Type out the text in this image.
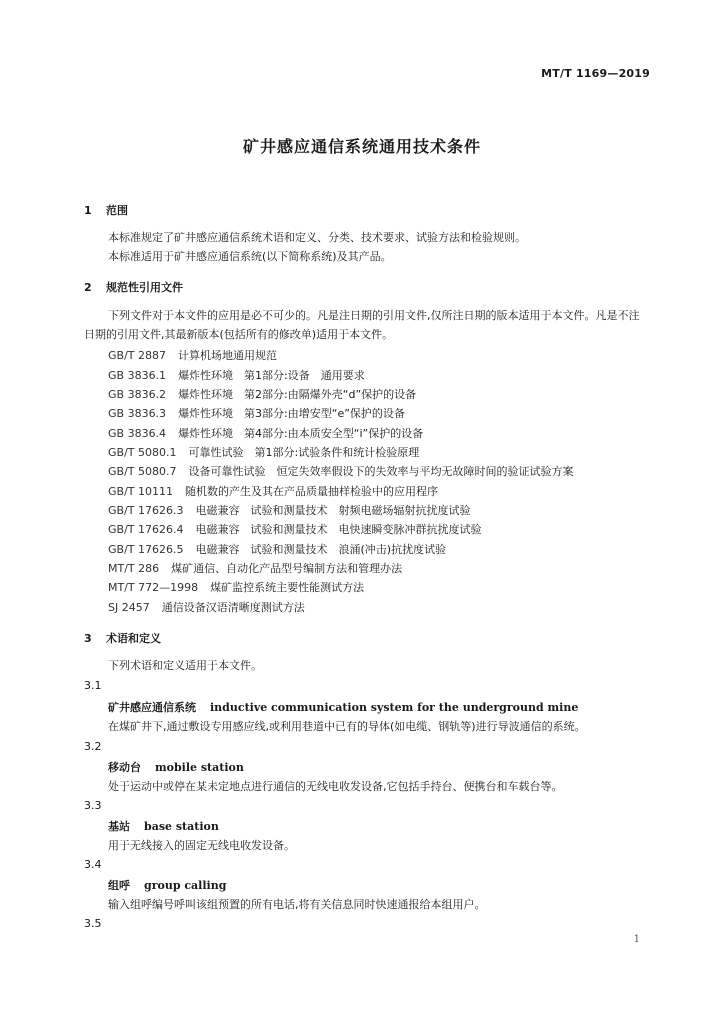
MT/T 1169—2019
矿井感应通信系统通用技术条件
1 范围
本标准规定了矿井感应通信系统术语和定义、分类、技术要求、试验方法和检验规则。
本标准适用于矿井感应通信系统(以下简称系统)及其产品。
2 规范性引用文件
下列文件对于本文件的应用是必不可少的。凡是注日期的引用文件,仅所注日期的版本适用于本文件。凡是不注日期的引用文件,其最新版本(包括所有的修改单)适用于本文件。
GB/T 2887 计算机场地通用规范
GB 3836.1 爆炸性环境　第1部分:设备　通用要求
GB 3836.2 爆炸性环境　第2部分:由隔爆外壳“d”保护的设备
GB 3836.3 爆炸性环境　第3部分:由增安型“e”保护的设备
GB 3836.4 爆炸性环境　第4部分:由本质安全型“i”保护的设备
GB/T 5080.1 可靠性试验　第1部分:试验条件和统计检验原理
GB/T 5080.7 设备可靠性试验　恒定失效率假设下的失效率与平均无故障时间的验证试验方案
GB/T 10111 随机数的产生及其在产品质量抽样检验中的应用程序
GB/T 17626.3 电磁兼容　试验和测量技术　射频电磁场辐射抗扰度试验
GB/T 17626.4 电磁兼容　试验和测量技术　电快速瞬变脉冲群抗扰度试验
GB/T 17626.5 电磁兼容　试验和测量技术　浪涌(冲击)抗扰度试验
MT/T 286 煤矿通信、自动化产品型号编制方法和管理办法
MT/T 772—1998 煤矿监控系统主要性能测试方法
SJ 2457 通信设备汉语清晰度测试方法
3 术语和定义
下列术语和定义适用于本文件。
3.1
矿井感应通信系统 inductive communication system for the underground mine
在煤矿井下,通过敷设专用感应线,或利用巷道中已有的导体(如电缆、钢轨等)进行导波通信的系统。
3.2
移动台 mobile station
处于运动中或停在某未定地点进行通信的无线电收发设备,它包括手持台、便携台和车载台等。
3.3
基站 base station
用于无线接入的固定无线电收发设备。
3.4
组呼 group calling
输入组呼编号呼叫该组预置的所有电话,将有关信息同时快速通报给本组用户。
3.5
1
